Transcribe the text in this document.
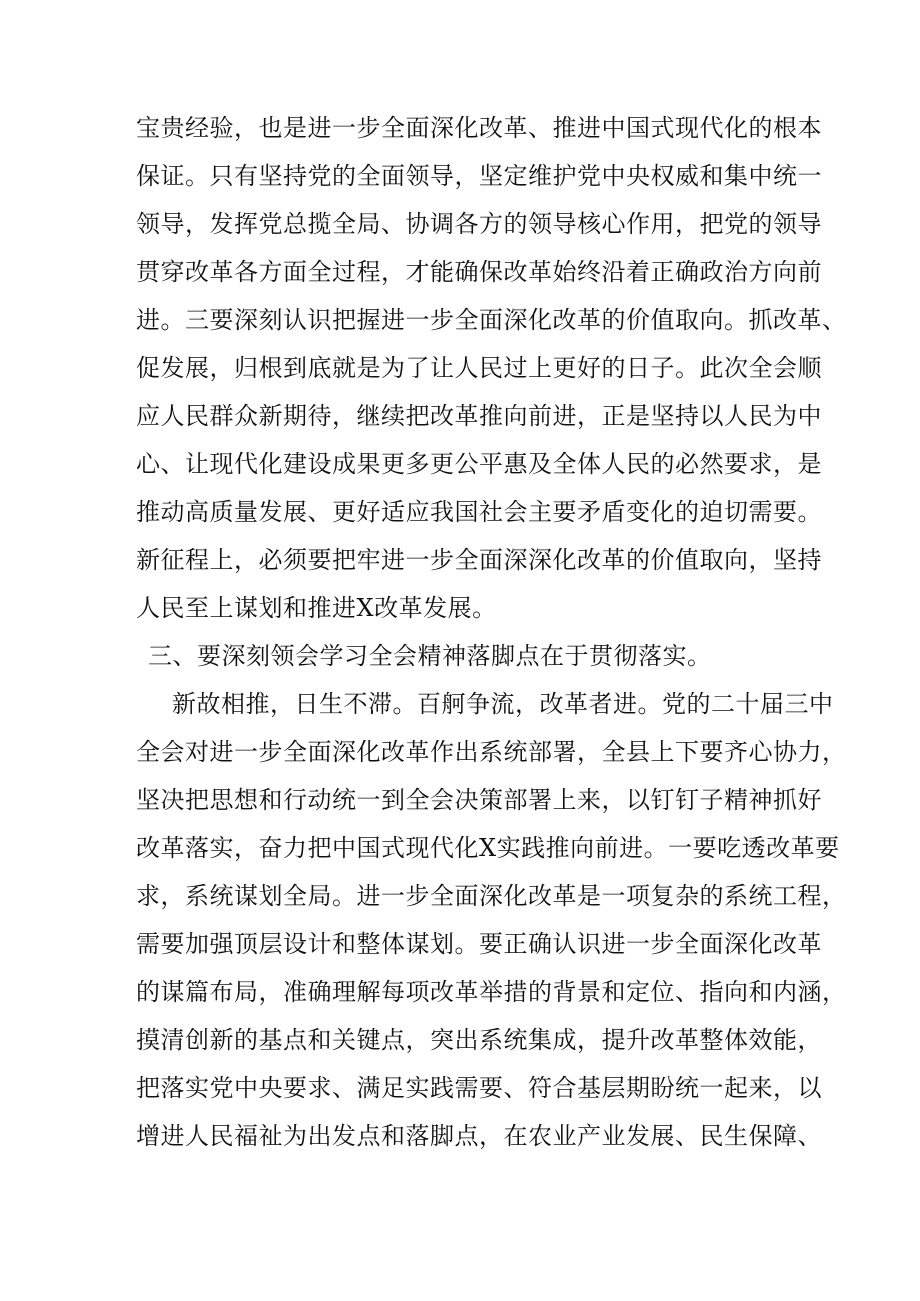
宝贵经验，也是进一步全面深化改革、推进中国式现代化的根本
保证。只有坚持党的全面领导，坚定维护党中央权威和集中统一
领导，发挥党总揽全局、协调各方的领导核心作用，把党的领导
贯穿改革各方面全过程，才能确保改革始终沿着正确政治方向前
进。三要深刻认识把握进一步全面深化改革的价值取向。抓改革、
促发展，归根到底就是为了让人民过上更好的日子。此次全会顺
应人民群众新期待，继续把改革推向前进，正是坚持以人民为中
心、让现代化建设成果更多更公平惠及全体人民的必然要求，是
推动高质量发展、更好适应我国社会主要矛盾变化的迫切需要。
新征程上，必须要把牢进一步全面深深化改革的价值取向，坚持
人民至上谋划和推进X改革发展。
三、要深刻领会学习全会精神落脚点在于贯彻落实。
新故相推，日生不滞。百舸争流，改革者进。党的二十届三中
全会对进一步全面深化改革作出系统部署，全县上下要齐心协力，
坚决把思想和行动统一到全会决策部署上来，以钉钉子精神抓好
改革落实，奋力把中国式现代化X实践推向前进。一要吃透改革要
求，系统谋划全局。进一步全面深化改革是一项复杂的系统工程，
需要加强顶层设计和整体谋划。要正确认识进一步全面深化改革
的谋篇布局，准确理解每项改革举措的背景和定位、指向和内涵，
摸清创新的基点和关键点，突出系统集成，提升改革整体效能，
把落实党中央要求、满足实践需要、符合基层期盼统一起来，以
增进人民福祉为出发点和落脚点，在农业产业发展、民生保障、
